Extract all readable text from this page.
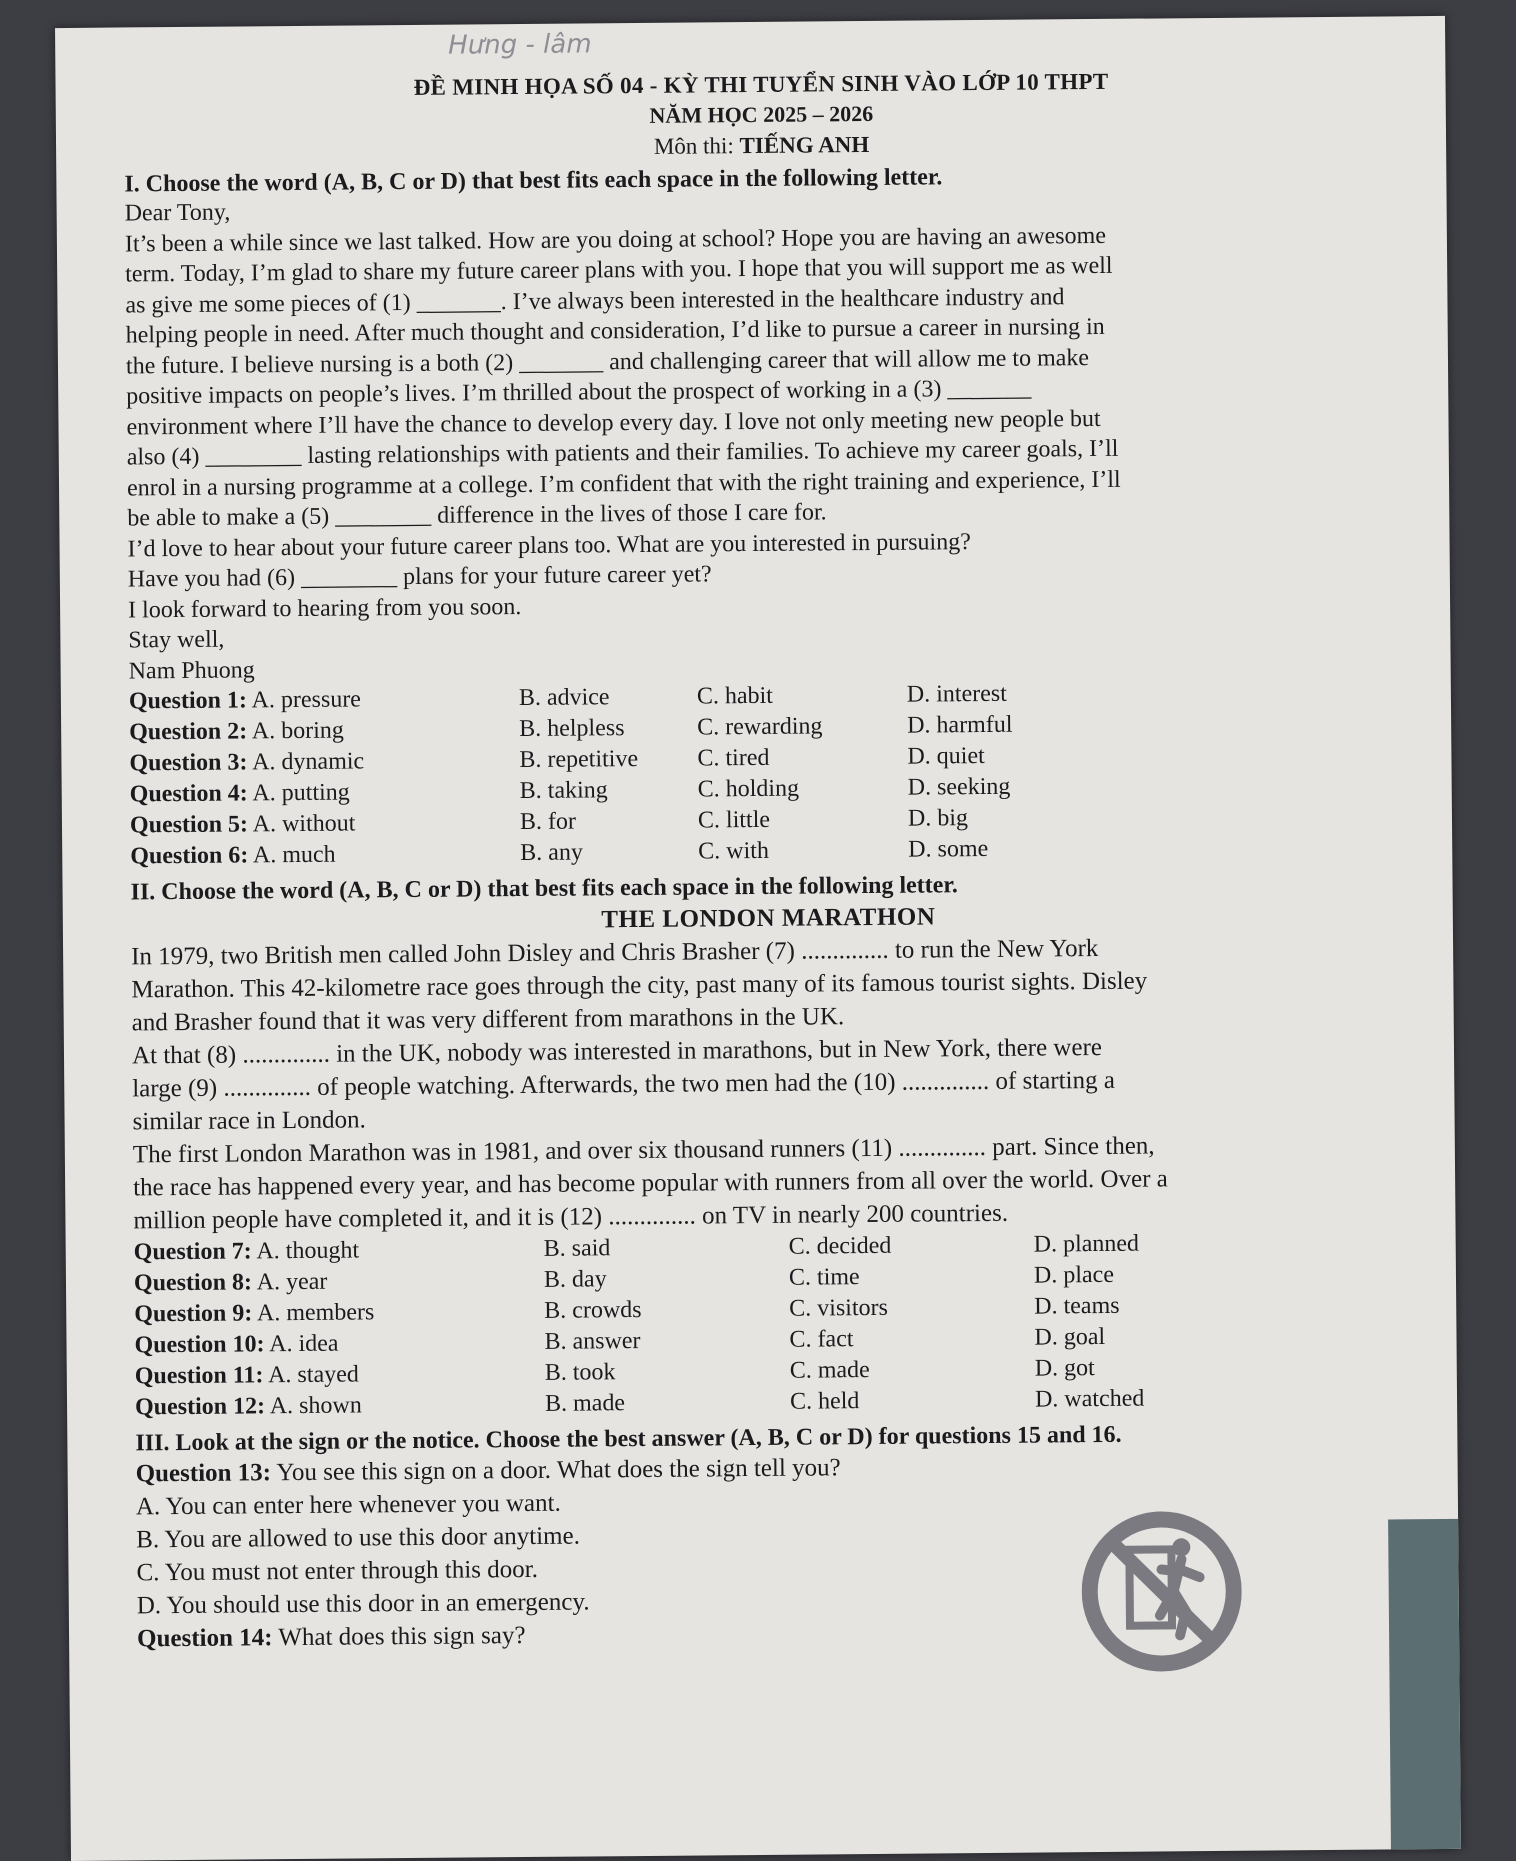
Hưng - lâm
ĐỀ MINH HỌA SỐ 04 - KỲ THI TUYỂN SINH VÀO LỚP 10 THPT
NĂM HỌC 2025 – 2026
Môn thi: TIẾNG ANH
I. Choose the word (A, B, C or D) that best fits each space in the following letter.
Dear Tony,
It’s been a while since we last talked. How are you doing at school? Hope you are having an awesome
term. Today, I’m glad to share my future career plans with you. I hope that you will support me as well
as give me some pieces of (1) _______. I’ve always been interested in the healthcare industry and
helping people in need. After much thought and consideration, I’d like to pursue a career in nursing in
the future. I believe nursing is a both (2) _______ and challenging career that will allow me to make
positive impacts on people’s lives. I’m thrilled about the prospect of working in a (3) _______
environment where I’ll have the chance to develop every day. I love not only meeting new people but
also (4) ________ lasting relationships with patients and their families. To achieve my career goals, I’ll
enrol in a nursing programme at a college. I’m confident that with the right training and experience, I’ll
be able to make a (5) ________ difference in the lives of those I care for.
I’d love to hear about your future career plans too. What are you interested in pursuing?
Have you had (6) ________ plans for your future career yet?
I look forward to hearing from you soon.
Stay well,
Nam Phuong
Question 1: A. pressure	B. advice	C. habit	D. interest
Question 2: A. boring	B. helpless	C. rewarding	D. harmful
Question 3: A. dynamic	B. repetitive	C. tired	D. quiet
Question 4: A. putting	B. taking	C. holding	D. seeking
Question 5: A. without	B. for	C. little	D. big
Question 6: A. much	B. any	C. with	D. some
II. Choose the word (A, B, C or D) that best fits each space in the following letter.
THE LONDON MARATHON
In 1979, two British men called John Disley and Chris Brasher (7) .............. to run the New York
Marathon. This 42-kilometre race goes through the city, past many of its famous tourist sights. Disley
and Brasher found that it was very different from marathons in the UK.
At that (8) .............. in the UK, nobody was interested in marathons, but in New York, there were
large (9) .............. of people watching. Afterwards, the two men had the (10) .............. of starting a
similar race in London.
The first London Marathon was in 1981, and over six thousand runners (11) .............. part. Since then,
the race has happened every year, and has become popular with runners from all over the world. Over a
million people have completed it, and it is (12) .............. on TV in nearly 200 countries.
Question 7: A. thought	B. said	C. decided	D. planned
Question 8: A. year	B. day	C. time	D. place
Question 9: A. members	B. crowds	C. visitors	D. teams
Question 10: A. idea	B. answer	C. fact	D. goal
Question 11: A. stayed	B. took	C. made	D. got
Question 12: A. shown	B. made	C. held	D. watched
III. Look at the sign or the notice. Choose the best answer (A, B, C or D) for questions 15 and 16.
Question 13: You see this sign on a door. What does the sign tell you?
A. You can enter here whenever you want.
B. You are allowed to use this door anytime.
C. You must not enter through this door.
D. You should use this door in an emergency.
Question 14: What does this sign say?
